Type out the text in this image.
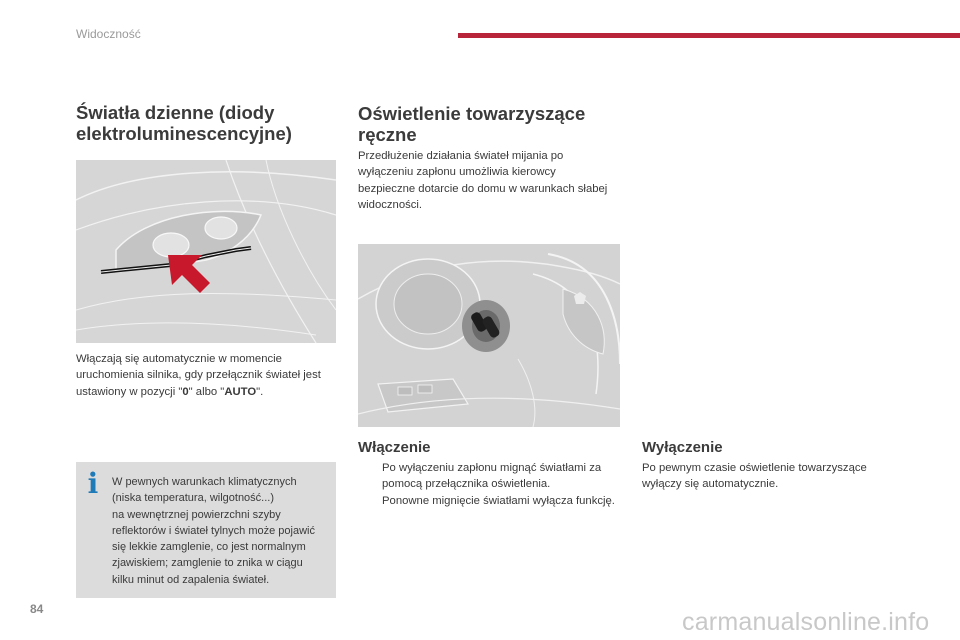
Widoczność
Światła dzienne (diody
elektroluminescencyjne)
Włączają się automatycznie w momencie uruchomienia silnika, gdy przełącznik świateł jest ustawiony w pozycji "0" albo "AUTO".
i	W pewnych warunkach klimatycznych
(niska temperatura, wilgotność...)
na wewnętrznej powierzchni szyby
reflektorów i świateł tylnych może pojawić
się lekkie zamglenie, co jest normalnym
zjawiskiem; zamglenie to znika w ciągu
kilku minut od zapalenia świateł.
Oświetlenie towarzyszące
ręczne
Przedłużenie działania świateł mijania po wyłączeniu zapłonu umożliwia kierowcy bezpieczne dotarcie do domu w warunkach słabej widoczności.
Włączenie
Po wyłączeniu zapłonu mignąć światłami za pomocą przełącznika oświetlenia.
Ponowne mignięcie światłami wyłącza funkcję.
Wyłączenie
Po pewnym czasie oświetlenie towarzyszące wyłączy się automatycznie.
84	carmanualsonline.info
